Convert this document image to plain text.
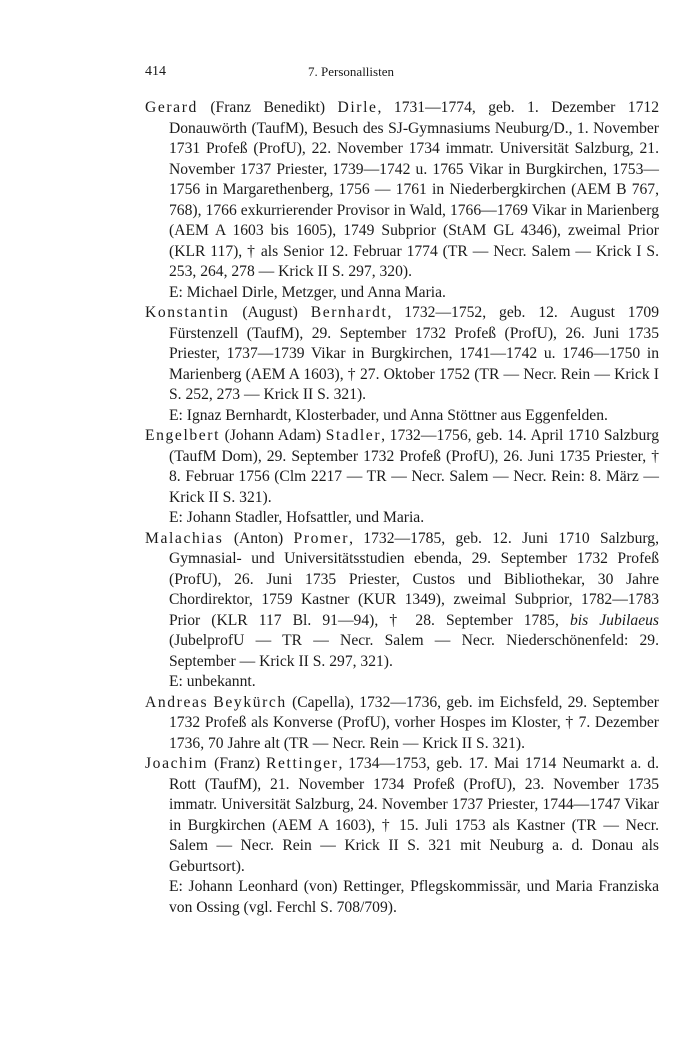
414	7. Personallisten

Gerard (Franz Benedikt) Dirle, 1731—1774, geb. 1. Dezember 1712 Donauwörth (TaufM), Besuch des SJ-Gymnasiums Neuburg/D., 1. November 1731 Profeß (ProfU), 22. November 1734 immatr. Universität Salzburg, 21. November 1737 Priester, 1739—1742 u. 1765 Vikar in Burgkirchen, 1753—1756 in Margarethenberg, 1756 — 1761 in Niederbergkirchen (AEM B 767, 768), 1766 exkurrierender Provisor in Wald, 1766—1769 Vikar in Marienberg (AEM A 1603 bis 1605), 1749 Subprior (StAM GL 4346), zweimal Prior (KLR 117), † als Senior 12. Februar 1774 (TR — Necr. Salem — Krick I S. 253, 264, 278 — Krick II S. 297, 320).

E: Michael Dirle, Metzger, und Anna Maria.

Konstantin (August) Bernhardt, 1732—1752, geb. 12. August 1709 Fürstenzell (TaufM), 29. September 1732 Profeß (ProfU), 26. Juni 1735 Priester, 1737—1739 Vikar in Burgkirchen, 1741—1742 u. 1746—1750 in Marienberg (AEM A 1603), † 27. Oktober 1752 (TR — Necr. Rein — Krick I S. 252, 273 — Krick II S. 321).

E: Ignaz Bernhardt, Klosterbader, und Anna Stöttner aus Eggenfelden.

Engelbert (Johann Adam) Stadler, 1732—1756, geb. 14. April 1710 Salzburg (TaufM Dom), 29. September 1732 Profeß (ProfU), 26. Juni 1735 Priester, † 8. Februar 1756 (Clm 2217 — TR — Necr. Salem — Necr. Rein: 8. März — Krick II S. 321).

E: Johann Stadler, Hofsattler, und Maria.

Malachias (Anton) Promer, 1732—1785, geb. 12. Juni 1710 Salzburg, Gymnasial- und Universitätsstudien ebenda, 29. September 1732 Profeß (ProfU), 26. Juni 1735 Priester, Custos und Bibliothekar, 30 Jahre Chordirektor, 1759 Kastner (KUR 1349), zweimal Subprior, 1782—1783 Prior (KLR 117 Bl. 91—94), † 28. September 1785, bis Jubilaeus (JubelprofU — TR — Necr. Salem — Necr. Niederschönenfeld: 29. September — Krick II S. 297, 321).

E: unbekannt.

Andreas Beykürch (Capella), 1732—1736, geb. im Eichsfeld, 29. September 1732 Profeß als Konverse (ProfU), vorher Hospes im Kloster, † 7. Dezember 1736, 70 Jahre alt (TR — Necr. Rein — Krick II S. 321).

Joachim (Franz) Rettinger, 1734—1753, geb. 17. Mai 1714 Neumarkt a. d. Rott (TaufM), 21. November 1734 Profeß (ProfU), 23. November 1735 immatr. Universität Salzburg, 24. November 1737 Priester, 1744—1747 Vikar in Burgkirchen (AEM A 1603), † 15. Juli 1753 als Kastner (TR — Necr. Salem — Necr. Rein — Krick II S. 321 mit Neuburg a. d. Donau als Geburtsort).

E: Johann Leonhard (von) Rettinger, Pflegskommissär, und Maria Franziska von Ossing (vgl. Ferchl S. 708/709).
